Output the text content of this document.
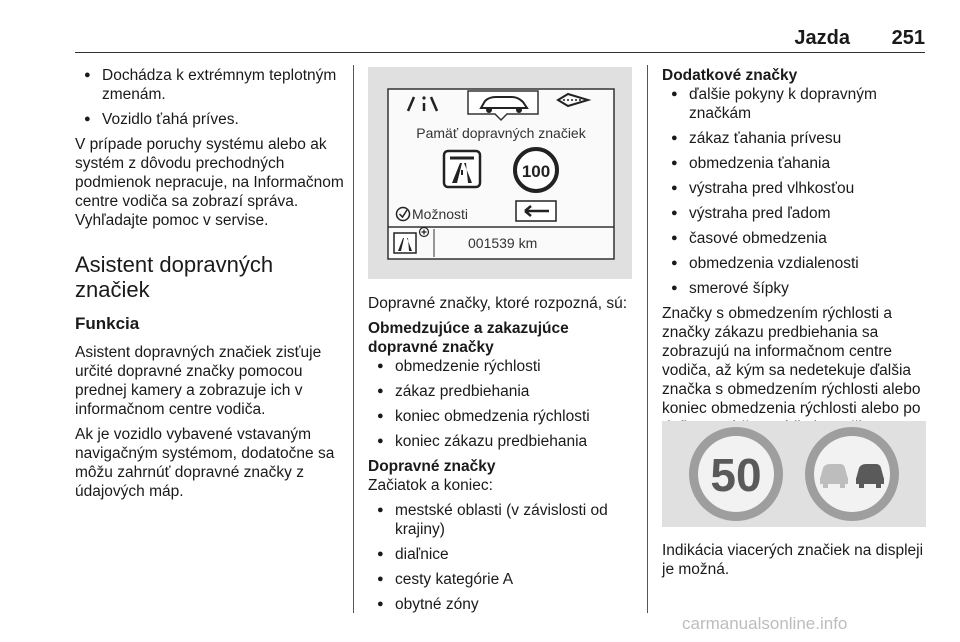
Jazda 251
● Dochádza k extrémnym teplotným zmenám.
● Vozidlo ťahá príves.

V prípade poruchy systému alebo ak systém z dôvodu prechodných podmienok nepracuje, na Informačnom centre vodiča sa zobrazí správa. Vyhľadajte pomoc v servise.

Asistent dopravných značiek
Funkcia

Asistent dopravných značiek zisťuje určité dopravné značky pomocou prednej kamery a zobrazuje ich v informačnom centre vodiča.

Ak je vozidlo vybavené vstavaným navigačným systémom, dodatočne sa môžu zahrnúť dopravné značky z údajových máp.

Pamäť dopravných značiek
100
Možnosti
001539 km

Dopravné značky, ktoré rozpozná, sú:

Obmedzujúce a zakazujúce dopravné značky
● obmedzenie rýchlosti
● zákaz predbiehania
● koniec obmedzenia rýchlosti
● koniec zákazu predbiehania
Dopravné značky

Začiatok a koniec:

● mestské oblasti (v závislosti od krajiny)
● diaľnice
● cesty kategórie A
● obytné zóny
Dodatkové značky
● ďalšie pokyny k dopravným značkám
● zákaz ťahania prívesu
● obmedzenia ťahania
● výstraha pred vlhkosťou
● výstraha pred ľadom
● časové obmedzenia
● obmedzenia vzdialenosti
● smerové šípky

Značky s obmedzením rýchlosti a značky zákazu predbiehania sa zobrazujú na informačnom centre vodiča, až kým sa nedetekuje ďalšia značka s obmedzením rýchlosti alebo koniec obmedzenia rýchlosti alebo po

50

Indikácia viacerých značiek na displeji je možná.

carmanualsonline.info
